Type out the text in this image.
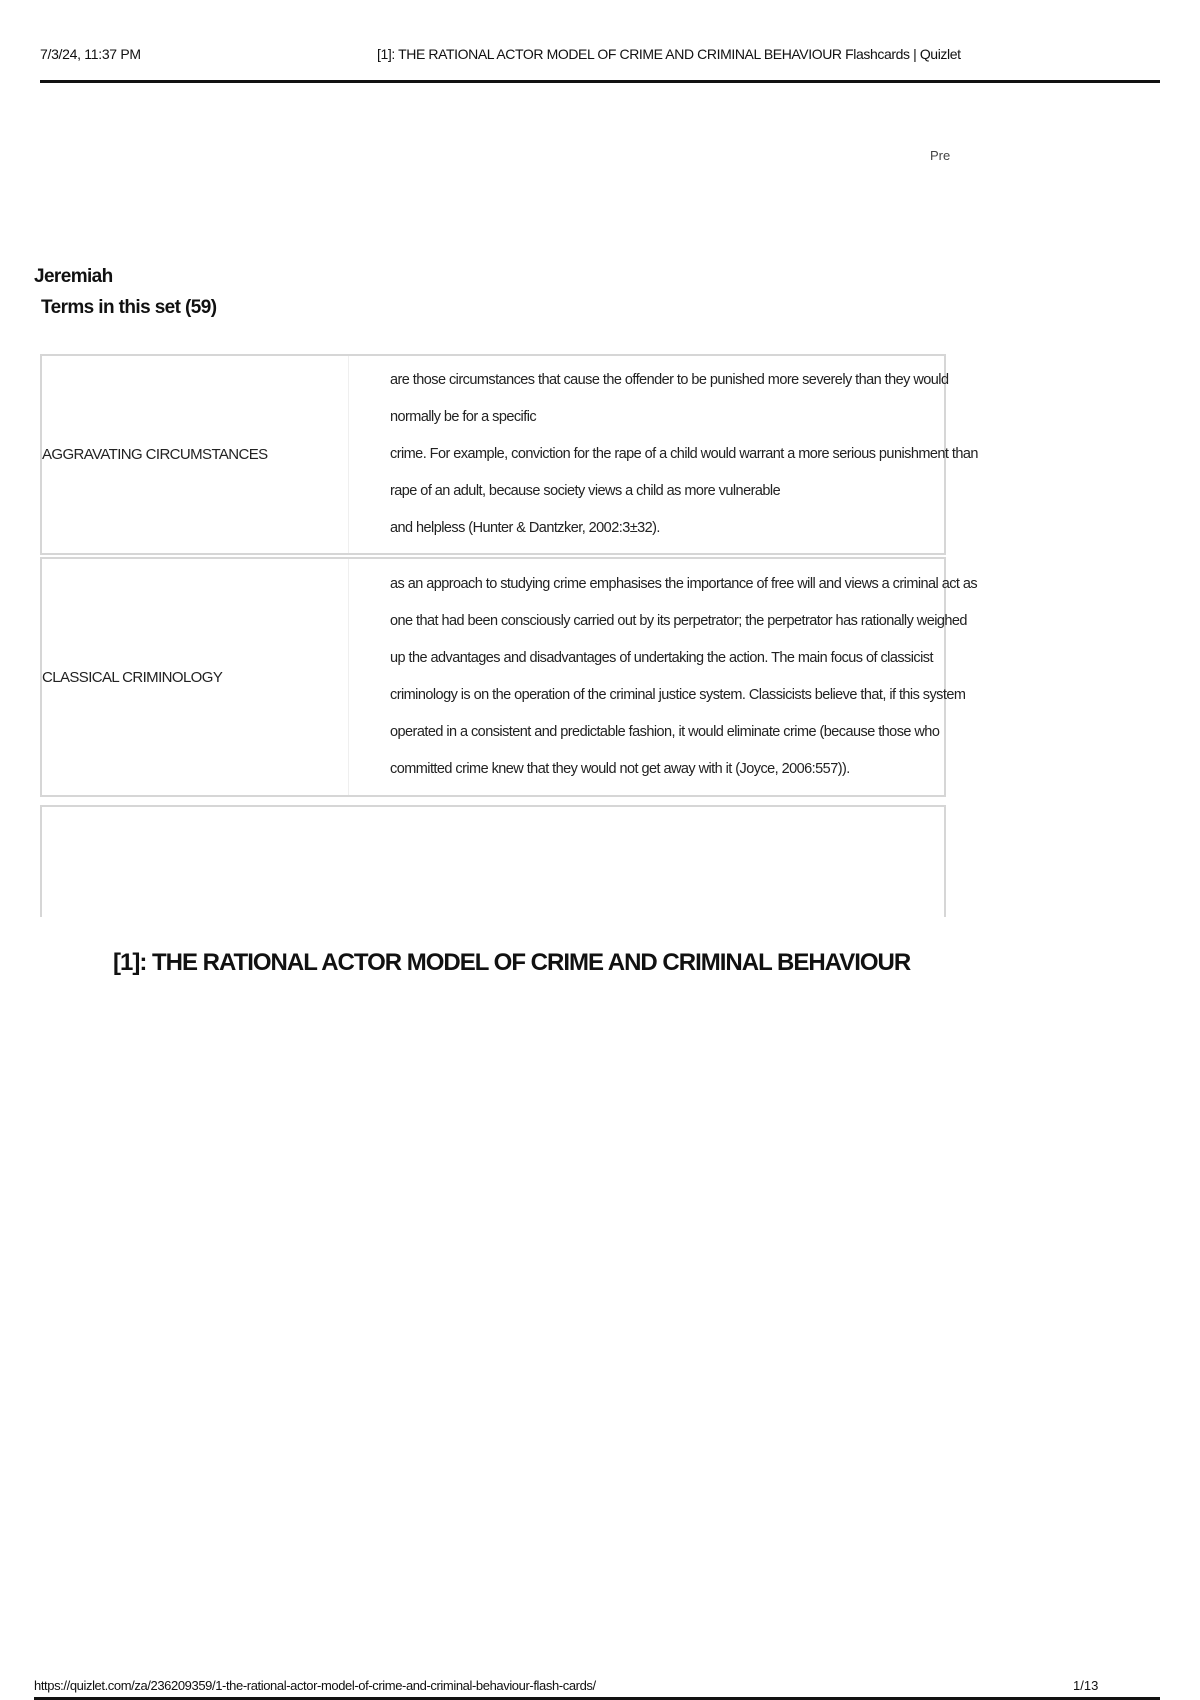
7/3/24, 11:37 PM	[1]: THE RATIONAL ACTOR MODEL OF CRIME AND CRIMINAL BEHAVIOUR Flashcards | Quizlet
Pre
Jeremiah
Terms in this set (59)
AGGRAVATING CIRCUMSTANCES
are those circumstances that cause the offender to be punished more severely than they would
normally be for a specific
crime. For example, conviction for the rape of a child would warrant a more serious punishment than
rape of an adult, because society views a child as more vulnerable
and helpless (Hunter & Dantzker, 2002:3±32).
CLASSICAL CRIMINOLOGY
as an approach to studying crime emphasises the importance of free will and views a criminal act as
one that had been consciously carried out by its perpetrator; the perpetrator has rationally weighed
up the advantages and disadvantages of undertaking the action. The main focus of classicist
criminology is on the operation of the criminal justice system. Classicists believe that, if this system
operated in a consistent and predictable fashion, it would eliminate crime (because those who
committed crime knew that they would not get away with it (Joyce, 2006:557)).
[1]: THE RATIONAL ACTOR MODEL OF CRIME AND CRIMINAL BEHAVIOUR
https://quizlet.com/za/236209359/1-the-rational-actor-model-of-crime-and-criminal-behaviour-flash-cards/	1/13
